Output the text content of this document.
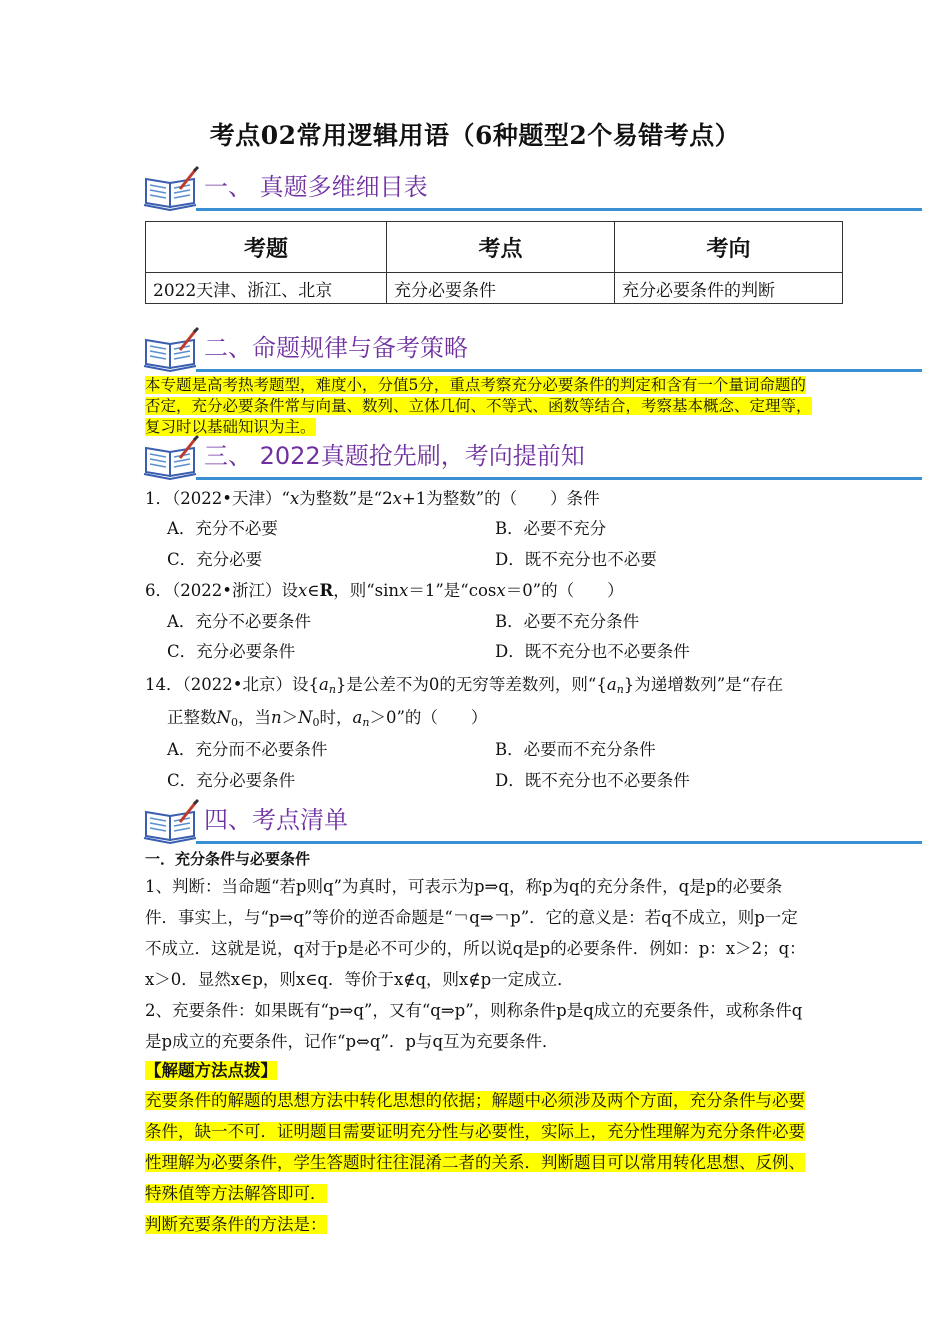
考点02常用逻辑用语（6种题型2个易错考点）
一、 真题多维细目表
考题	考点	考向
2022天津、浙江、北京	充分必要条件	充分必要条件的判断
二、命题规律与备考策略
本专题是高考热考题型，难度小，分值5分，重点考察充分必要条件的判定和含有一个量词命题的否定，充分必要条件常与向量、数列、立体几何、不等式、函数等结合，考察基本概念、定理等，复习时以基础知识为主。
三、 2022真题抢先刷，考向提前知
1．（2022•天津）“x为整数”是“2x+1为整数”的（　　）条件
A．充分不必要	B．必要不充分
C．充分必要	D．既不充分也不必要
6．（2022•浙江）设x∈R，则“sinx＝1”是“cosx＝0”的（　　）
A．充分不必要条件	B．必要不充分条件
C．充分必要条件	D．既不充分也不必要条件
14．（2022•北京）设$\{a_n\}$是公差不为0的无穷等差数列，则“$\{a_n\}$为递增数列”是“存在
正整数$N_0$，当$n>N_0$时，$a_n>0$”的（　　）
A．充分而不必要条件	B．必要而不充分条件
C．充分必要条件	D．既不充分也不必要条件
四、考点清单
一．充分条件与必要条件
1、判断：当命题“若p则q”为真时，可表示为p⇒q，称p为q的充分条件，q是p的必要条件．事实上，与“p⇒q”等价的逆否命题是“￢q⇒￢p”．它的意义是：若q不成立，则p一定不成立．这就是说，q对于p是必不可少的，所以说q是p的必要条件．例如：p：x＞2；q：x＞0．显然x∈p，则x∈q．等价于x∉q，则x∉p一定成立．
2、充要条件：如果既有“p⇒q”，又有“q⇒p”，则称条件p是q成立的充要条件，或称条件q是p成立的充要条件，记作“p⇔q”．p与q互为充要条件．
【解题方法点拨】
充要条件的解题的思想方法中转化思想的依据；解题中必须涉及两个方面，充分条件与必要条件，缺一不可．证明题目需要证明充分性与必要性，实际上，充分性理解为充分条件必要性理解为必要条件，学生答题时往往混淆二者的关系．判断题目可以常用转化思想、反例、特殊值等方法解答即可．
判断充要条件的方法是：
